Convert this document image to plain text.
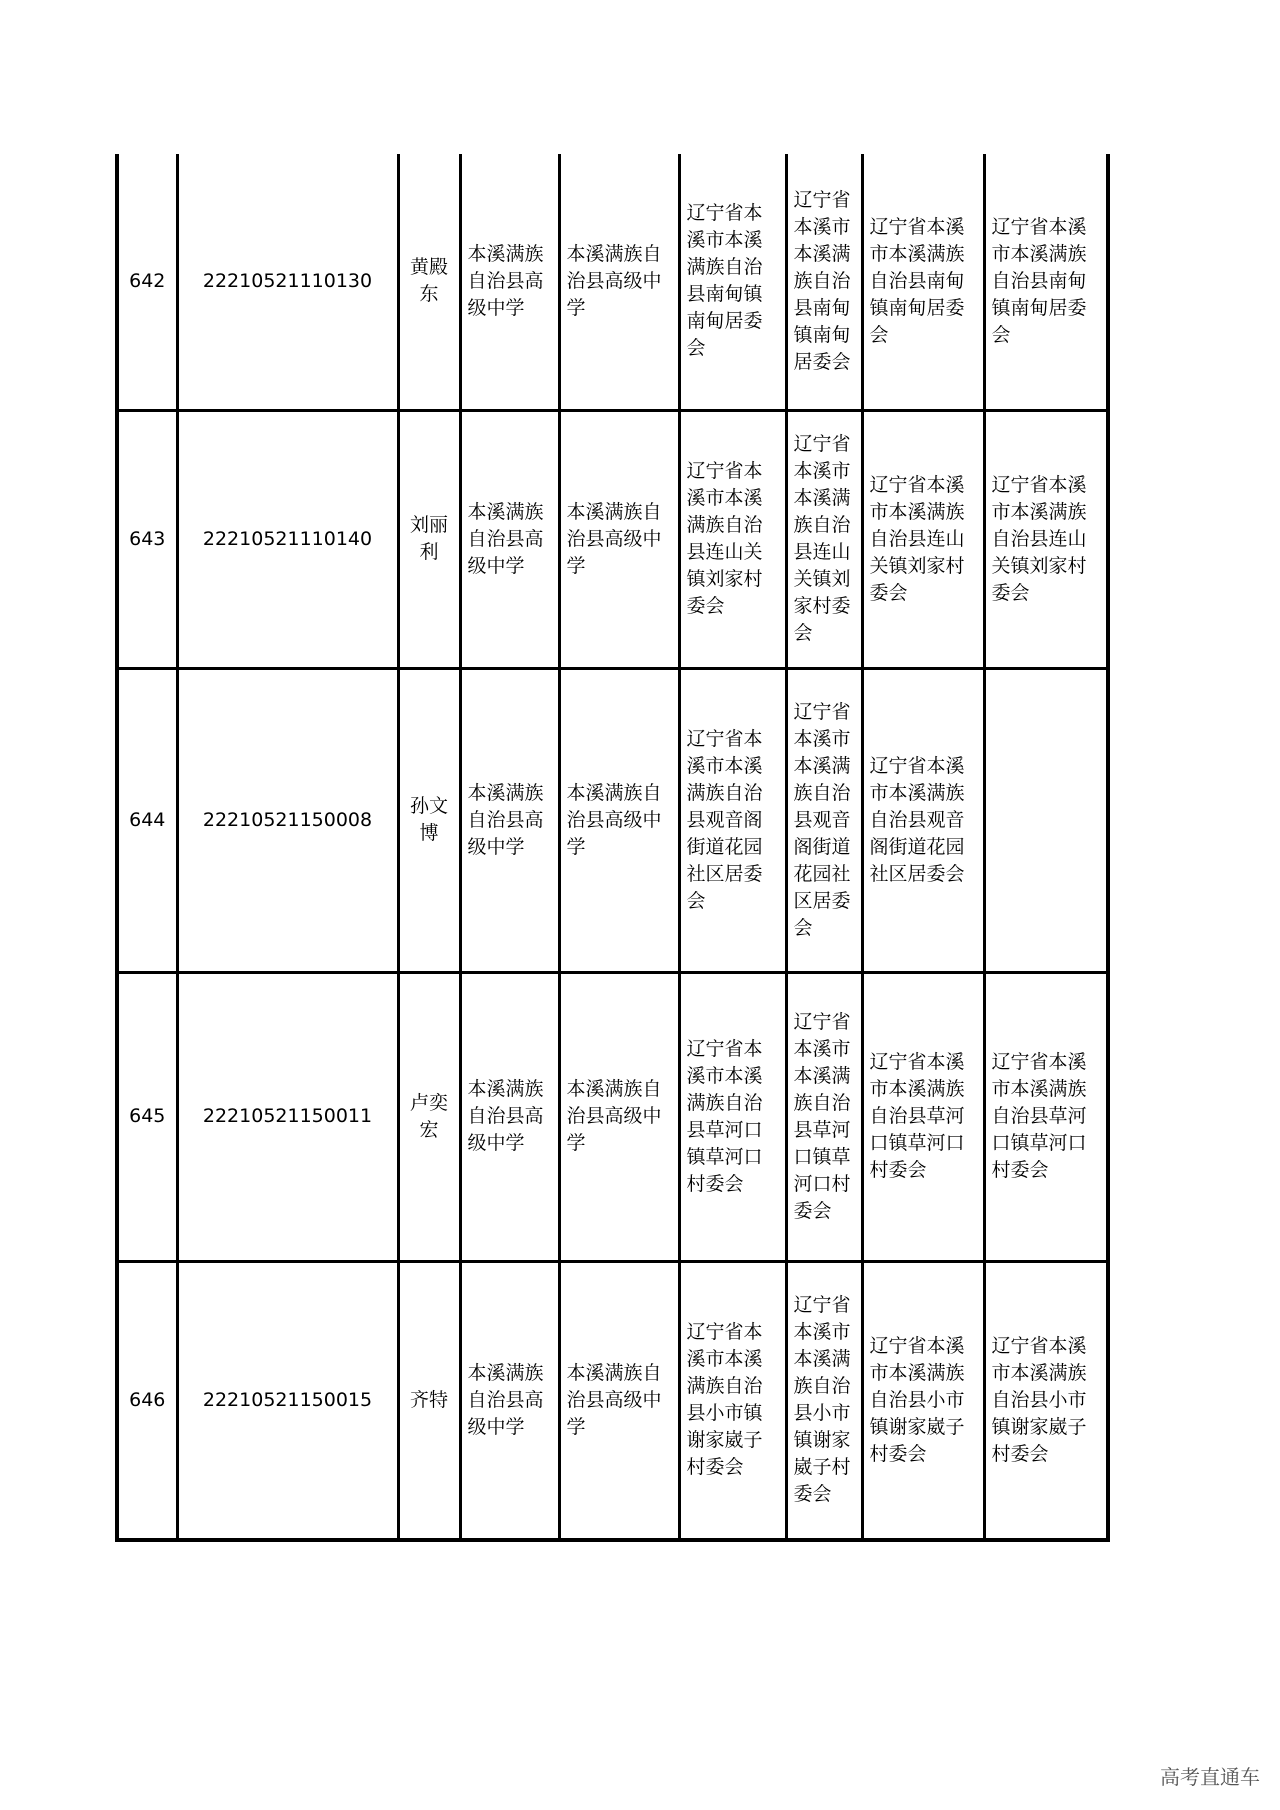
642	22210521110130	黄殿东	本溪满族自治县高级中学	本溪满族自治县高级中学	辽宁省本溪市本溪满族自治县南甸镇南甸居委会	辽宁省本溪市本溪满族自治县南甸镇南甸居委会	辽宁省本溪市本溪满族自治县南甸镇南甸居委会	辽宁省本溪市本溪满族自治县南甸镇南甸居委会
643	22210521110140	刘丽利	本溪满族自治县高级中学	本溪满族自治县高级中学	辽宁省本溪市本溪满族自治县连山关镇刘家村委会	辽宁省本溪市本溪满族自治县连山关镇刘家村委会	辽宁省本溪市本溪满族自治县连山关镇刘家村委会	辽宁省本溪市本溪满族自治县连山关镇刘家村委会
644	22210521150008	孙文博	本溪满族自治县高级中学	本溪满族自治县高级中学	辽宁省本溪市本溪满族自治县观音阁街道花园社区居委会	辽宁省本溪市本溪满族自治县观音阁街道花园社区居委会	辽宁省本溪市本溪满族自治县观音阁街道花园社区居委会	
645	22210521150011	卢奕宏	本溪满族自治县高级中学	本溪满族自治县高级中学	辽宁省本溪市本溪满族自治县草河口镇草河口村委会	辽宁省本溪市本溪满族自治县草河口镇草河口村委会	辽宁省本溪市本溪满族自治县草河口镇草河口村委会	辽宁省本溪市本溪满族自治县草河口镇草河口村委会
646	22210521150015	齐特	本溪满族自治县高级中学	本溪满族自治县高级中学	辽宁省本溪市本溪满族自治县小市镇谢家崴子村委会	辽宁省本溪市本溪满族自治县小市镇谢家崴子村委会	辽宁省本溪市本溪满族自治县小市镇谢家崴子村委会	辽宁省本溪市本溪满族自治县小市镇谢家崴子村委会
高考直通车
